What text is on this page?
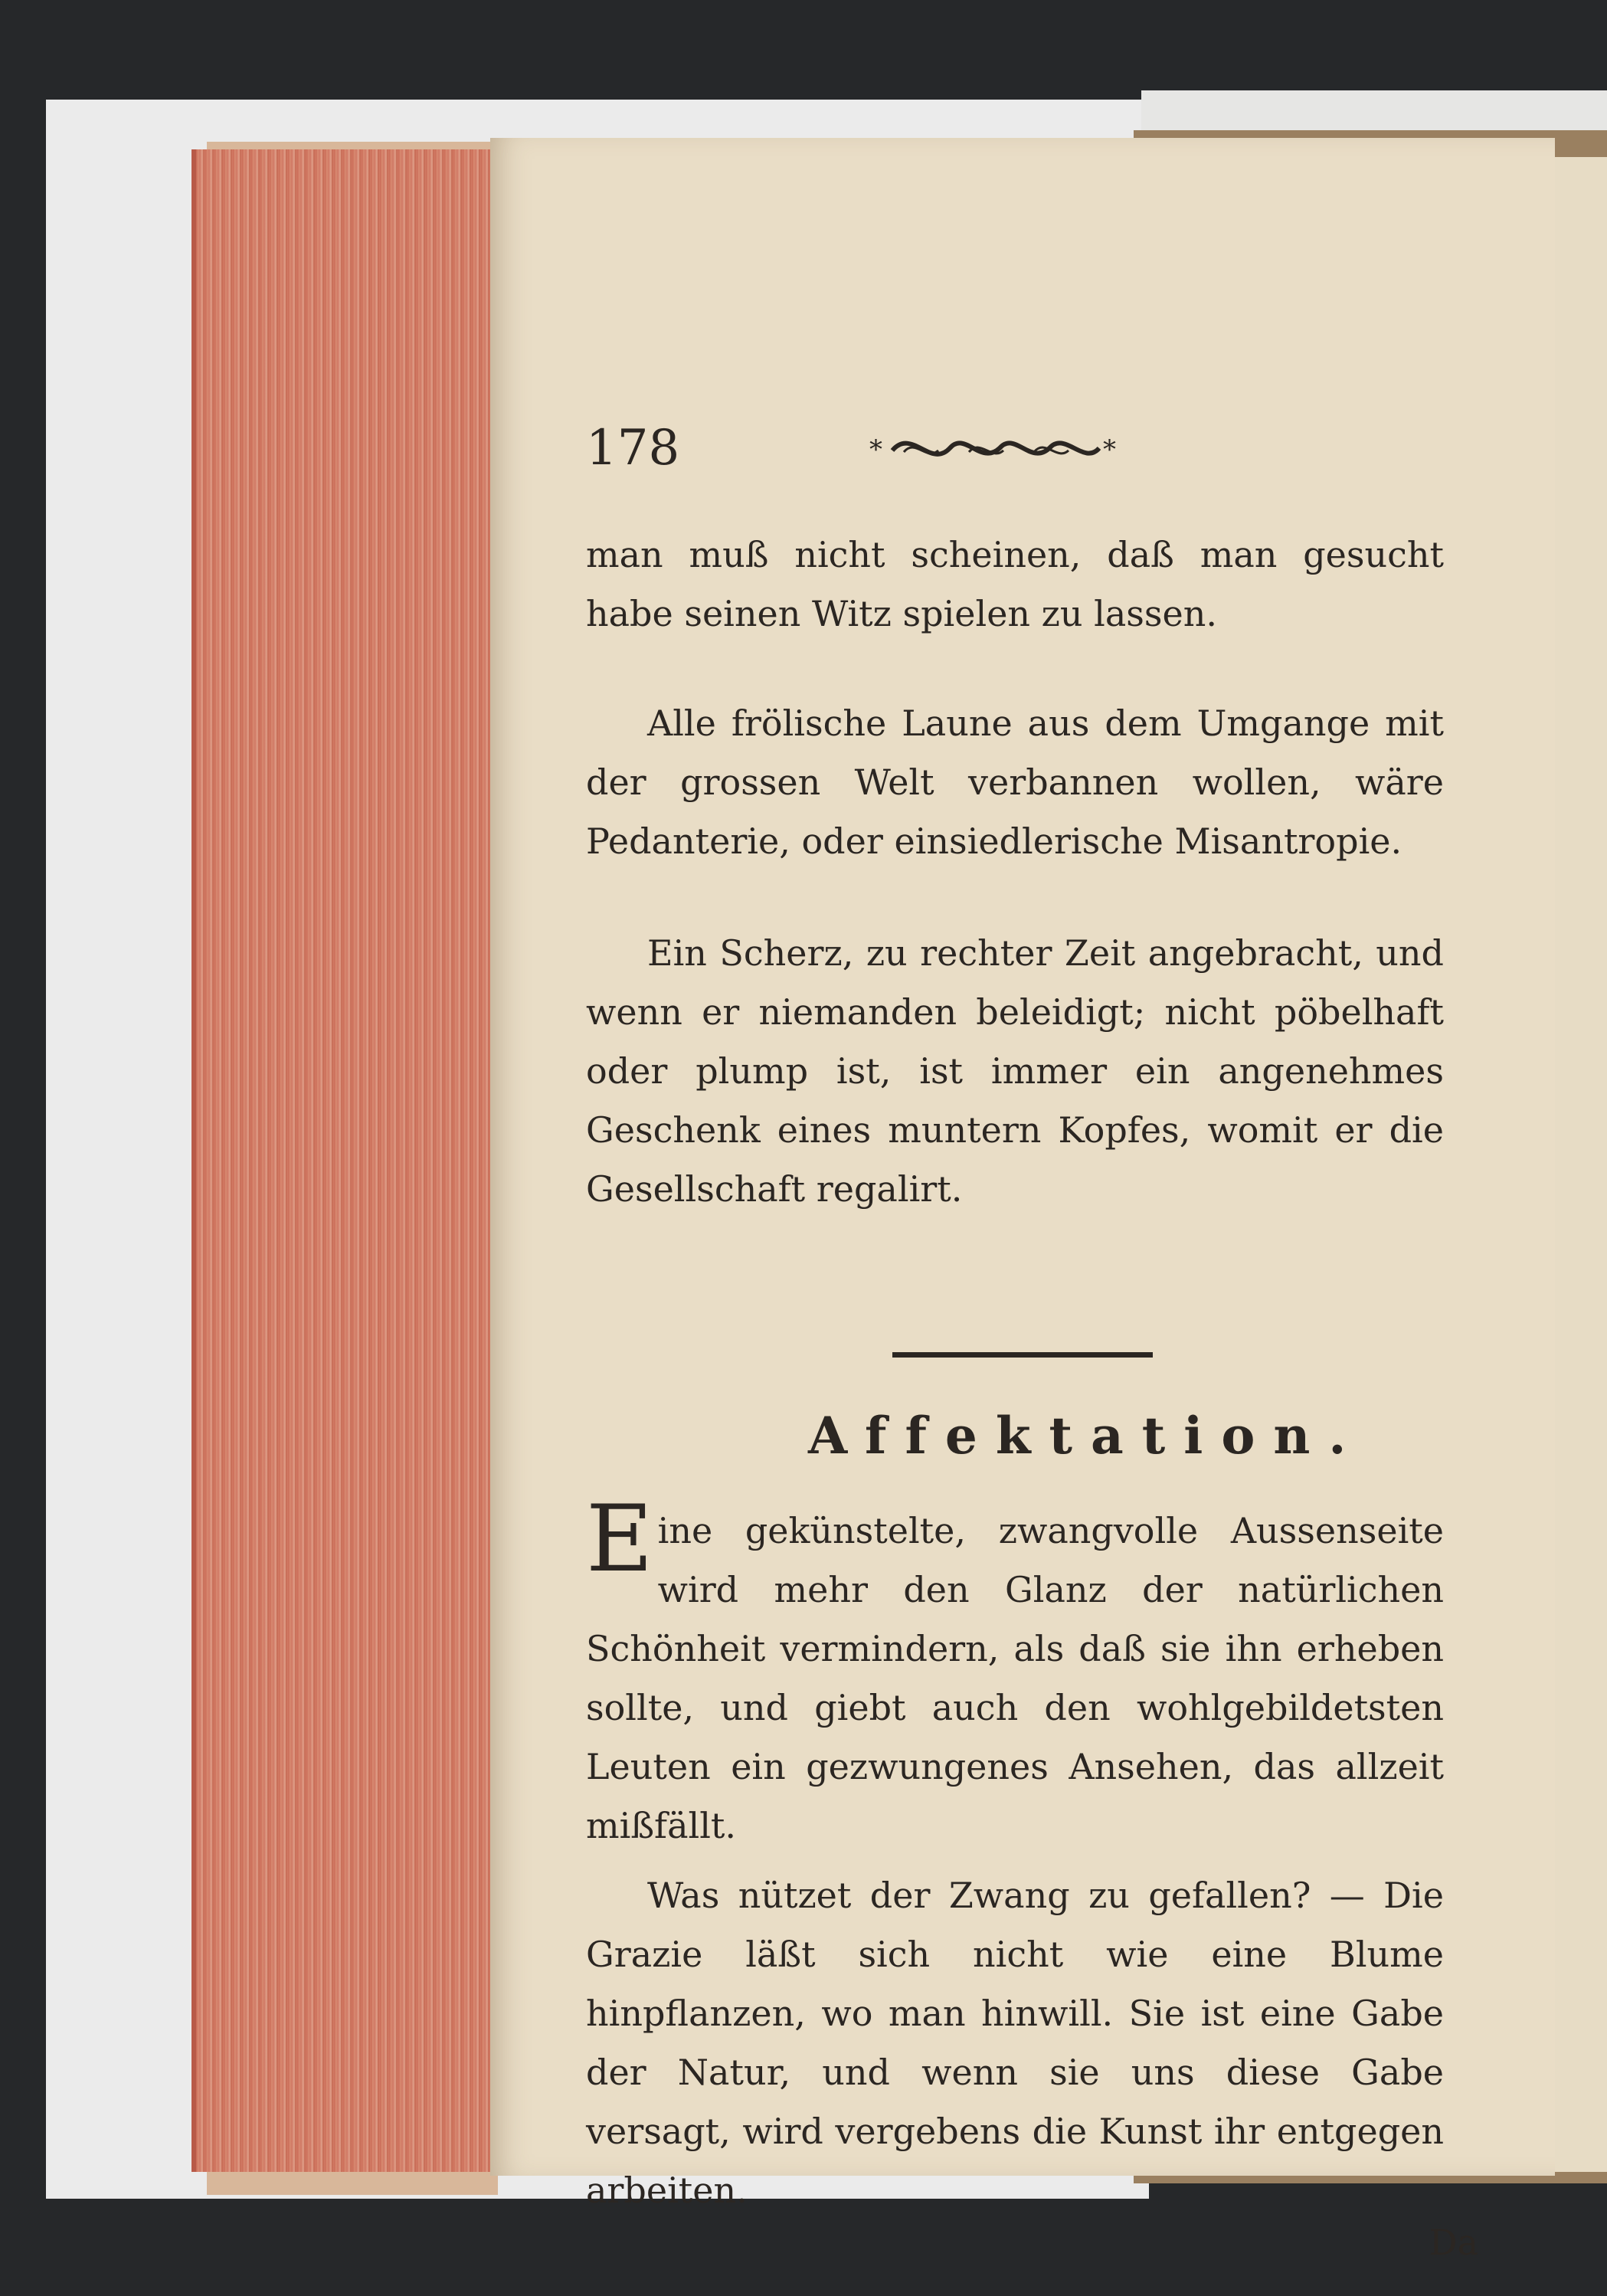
178	*	*

man muß nicht scheinen, daß man gesucht habe seinen Witz spielen zu lassen.

Alle frölische Laune aus dem Umgange mit der grossen Welt verbannen wollen, wäre Pedanterie, oder einsiedlerische Misantropie.

Ein Scherz, zu rechter Zeit angebracht, und wenn er niemanden beleidigt; nicht pöbelhaft oder plump ist, ist immer ein angenehmes Geschenk eines muntern Kopfes, womit er die Gesellschaft regalirt.

Affektation.
Eine gekünstelte, zwangvolle Aussenseite wird mehr den Glanz der natürlichen Schönheit vermindern, als daß sie ihn erheben sollte, und giebt auch den wohlgebildetsten Leuten ein gezwungenes Ansehen, das allzeit mißfällt.

Was nützet der Zwang zu gefallen? — Die Grazie läßt sich nicht wie eine Blume hinpflanzen, wo man hinwill. Sie ist eine Gabe der Natur, und wenn sie uns diese Gabe versagt, wird vergebens die Kunst ihr entgegen arbeiten.

Da
